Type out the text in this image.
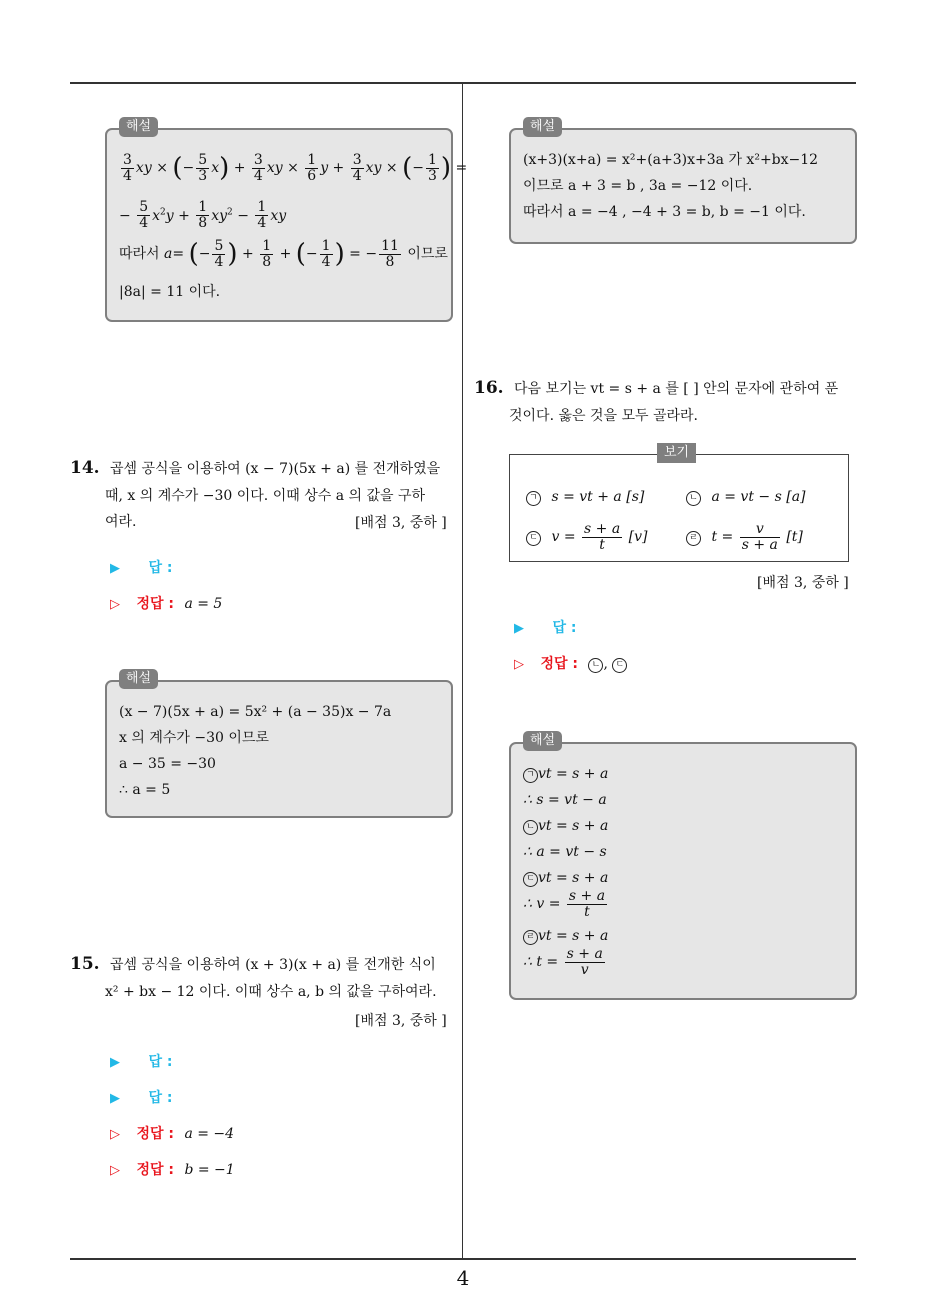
4
$\frac{3}{4}$ xy × (− $\frac{5}{3} x) + \frac{3}{4}$ xy × $\frac{1}{6}$ $y + \frac{3}{4}$ xy × (− $\frac{1}{3}$ ) =
− $\frac{5}{4} x^2y + \frac{1}{8} xy^2 - \frac{1}{4}$ xy
따라서 a= (− $\frac{5}{4}$ ) + $\frac{1}{8}$ + (− $\frac{1}{4}$ ) = − $\frac{11}{8}$ 이므로
|8a| = 11 이다.
해설
14. 곱셈 공식을 이용하여 (x − 7)(5x + a) 를 전개하였을
때, x 의 계수가 −30 이다. 이때 상수 a 의 값을 구하
여라.	[배점 3, 중하 ]
▶ 답 :
▷ 정답 : a = 5
(x − 7)(5x + a) = 5x² + (a − 35)x − 7a
x 의 계수가 −30 이므로
a − 35 = −30
∴ a = 5
해설
15. 곱셈 공식을 이용하여 (x + 3)(x + a) 를 전개한 식이
x² + bx − 12 이다. 이때 상수 a, b 의 값을 구하여라.
[배점 3, 중하 ]
▶ 답 :
▶ 답 :
▷ 정답 : a = −4
▷ 정답 : b = −1
(x+3)(x+a) = x²+(a+3)x+3a 가 x²+bx−12
이므로 a + 3 = b , 3a = −12 이다.
따라서 a = −4 , −4 + 3 = b, b = −1 이다.
해설
16. 다음 보기는 vt = s + a 를 [ ] 안의 문자에 관하여 푼
것이다. 옳은 것을 모두 골라라.
ㄱ s = vt + a [s]	ㄴ a = vt − s [a]
ㄷ $v = \frac{s + a}{t} [v]$	ㄹ $t = \frac{v}{s + a} [t]$
보기
[배점 3, 중하 ]
▶ 답 :
▷ 정답 : ㄴ , ㄷ
ㄱ vt = s + a
∴ s = vt − a
ㄴ vt = s + a
∴ a = vt − s
ㄷ vt = s + a
∴ $v = \frac{s + a}{t}$
ㄹ vt = s + a
∴ $t = \frac{s + a}{v}$
해설
